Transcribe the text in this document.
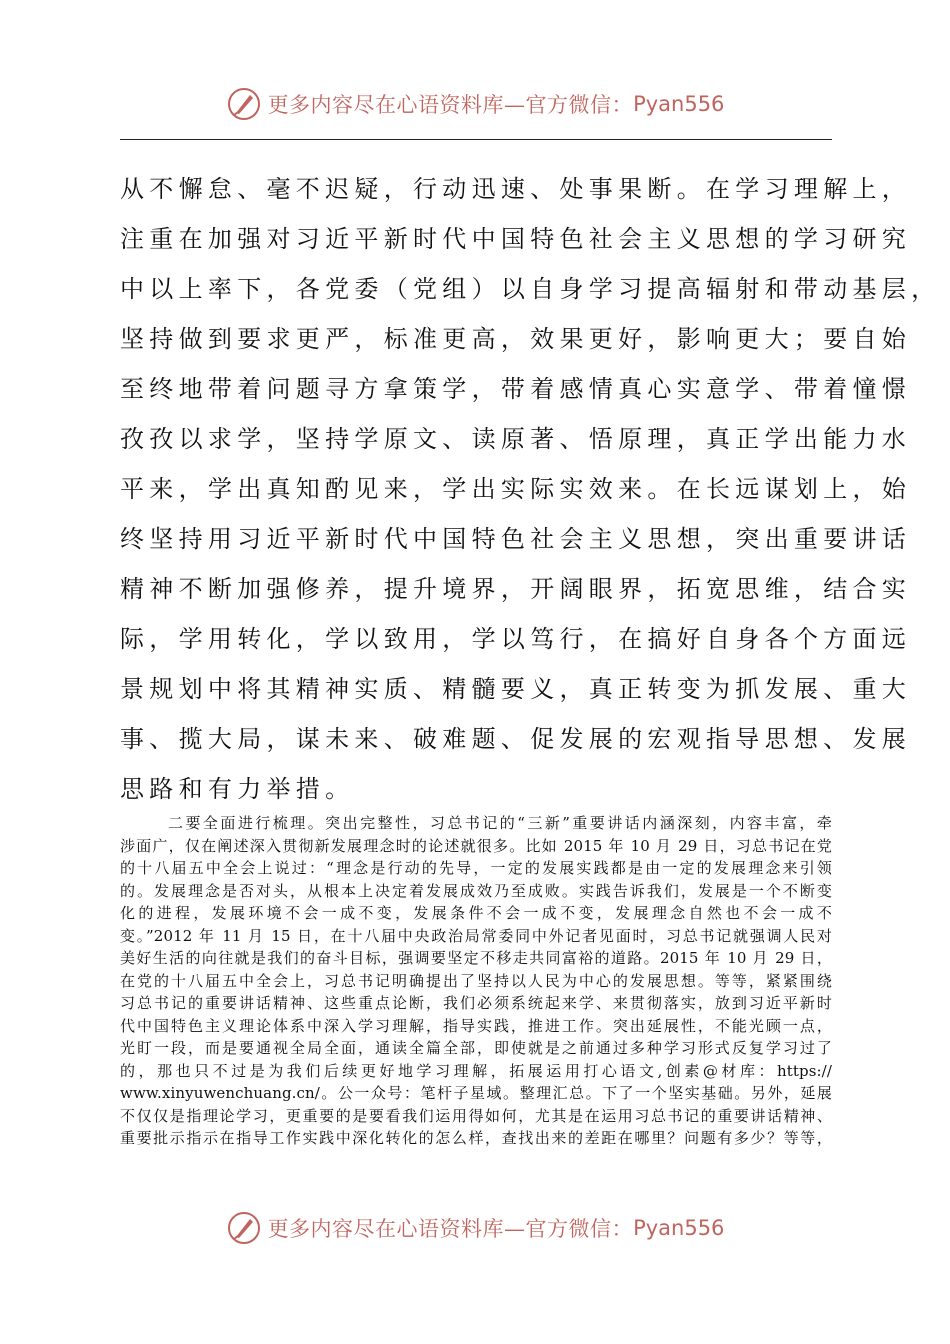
更多内容尽在心语资料库—官方微信： Pyan556

从不懈怠、毫不迟疑，行动迅速、处事果断。在学习理解上，

注重在加强对习近平新时代中国特色社会主义思想的学习研究

中以上率下，各党委（党组）以自身学习提高辐射和带动基层，

坚持做到要求更严，标准更高，效果更好，影响更大；要自始

至终地带着问题寻方拿策学，带着感情真心实意学、带着憧憬

孜孜以求学，坚持学原文、读原著、悟原理，真正学出能力水

平来，学出真知酌见来，学出实际实效来。在长远谋划上，始

终坚持用习近平新时代中国特色社会主义思想，突出重要讲话

精神不断加强修养，提升境界，开阔眼界，拓宽思维，结合实

际，学用转化，学以致用，学以笃行，在搞好自身各个方面远

景规划中将其精神实质、精髓要义，真正转变为抓发展、重大

事、揽大局，谋未来、破难题、促发展的宏观指导思想、发展

思路和有力举措。

二要全面进行梳理。突出完整性，习总书记的“三新”重要讲话内涵深刻，内容丰富，牵

涉面广，仅在阐述深入贯彻新发展理念时的论述就很多。比如 2015 年 10 月 29 日，习总书记在党

的十八届五中全会上说过：“理念是行动的先导，一定的发展实践都是由一定的发展理念来引领

的。发展理念是否对头，从根本上决定着发展成效乃至成败。实践告诉我们，发展是一个不断变

化的进程，发展环境不会一成不变，发展条件不会一成不变，发展理念自然也不会一成不

变。”2012 年 11 月 15 日，在十八届中央政治局常委同中外记者见面时，习总书记就强调人民对

美好生活的向往就是我们的奋斗目标，强调要坚定不移走共同富裕的道路。2015 年 10 月 29 日，

在党的十八届五中全会上，习总书记明确提出了坚持以人民为中心的发展思想。等等，紧紧围绕

习总书记的重要讲话精神、这些重点论断，我们必须系统起来学、来贯彻落实，放到习近平新时

代中国特色主义理论体系中深入学习理解，指导实践，推进工作。突出延展性，不能光顾一点，

光盯一段，而是要通视全局全面，通读全篇全部，即使就是之前通过多种学习形式反复学习过了

的，那也只不过是为我们后续更好地学习理解，拓展运用打心语文,创素@材库：https://

www.xinyuwenchuang.cn/。公一众号：笔杆子星域。整理汇总。下了一个坚实基础。另外，延展

不仅仅是指理论学习，更重要的是要看我们运用得如何，尤其是在运用习总书记的重要讲话精神、

重要批示指示在指导工作实践中深化转化的怎么样，查找出来的差距在哪里？问题有多少？等等，

更多内容尽在心语资料库—官方微信： Pyan556
